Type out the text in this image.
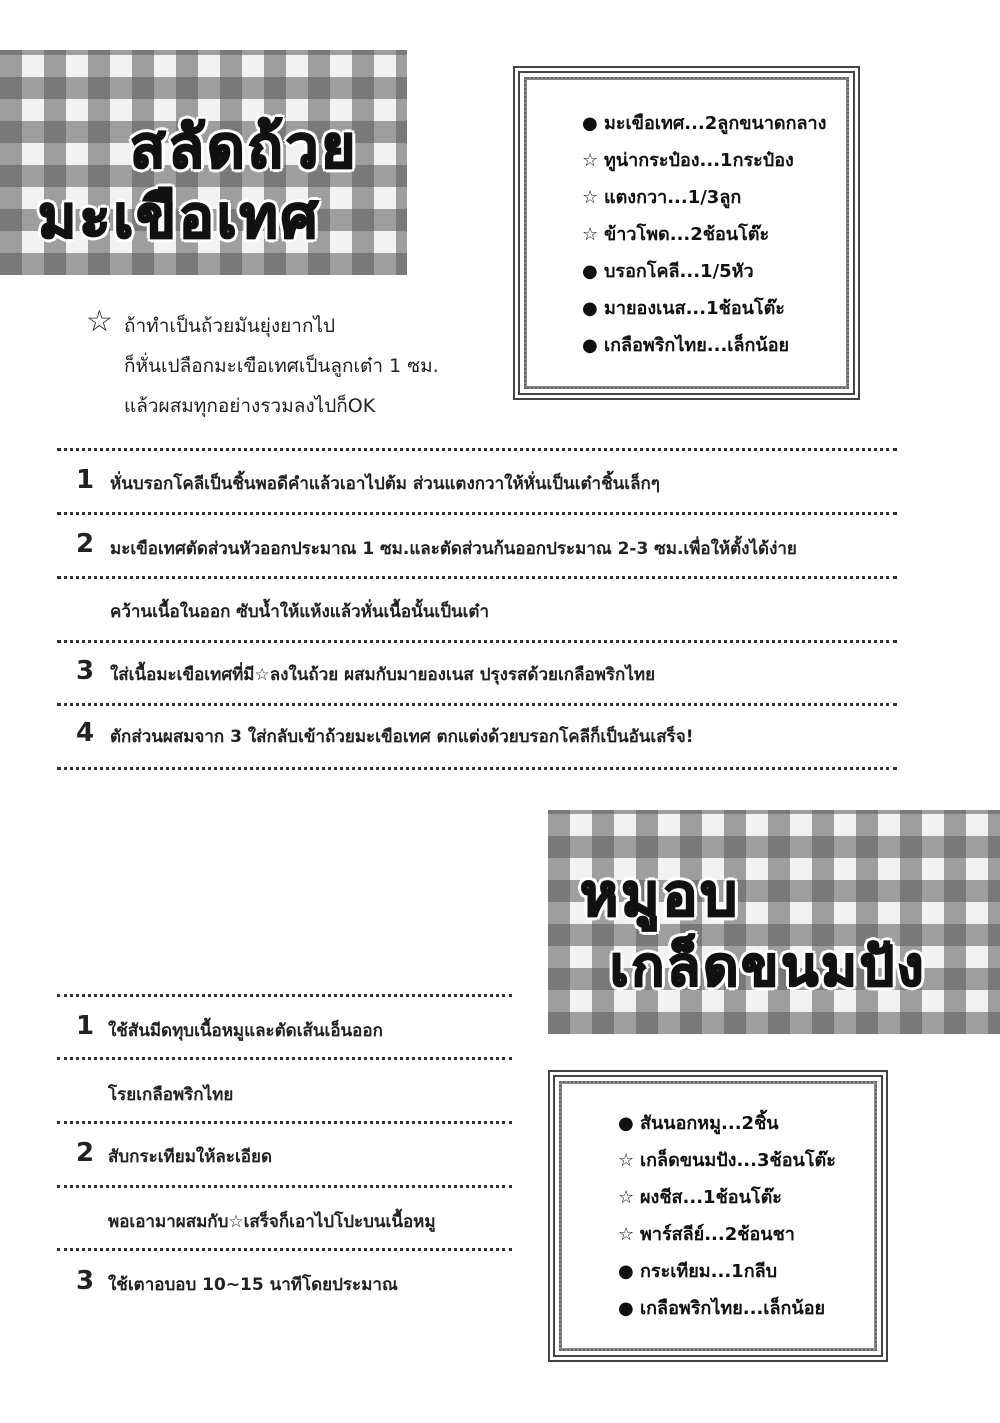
สลัดถ้วย
มะเขือเทศ
● มะเขือเทศ...2ลูกขนาดกลาง
☆ ทูน่ากระป๋อง...1กระป๋อง
☆ แตงกวา...1/3ลูก
☆ ข้าวโพด...2ช้อนโต๊ะ
● บรอกโคลี...1/5หัว
● มายองเนส...1ช้อนโต๊ะ
● เกลือพริกไทย...เล็กน้อย
☆ ถ้าทำเป็นถ้วยมันยุ่งยากไป
ก็หั่นเปลือกมะเขือเทศเป็นลูกเต๋า 1 ซม.
แล้วผสมทุกอย่างรวมลงไปก็OK
1 หั่นบรอกโคลีเป็นชิ้นพอดีคำแล้วเอาไปต้ม ส่วนแตงกวาให้หั่นเป็นเต๋าชิ้นเล็กๆ
2 มะเขือเทศตัดส่วนหัวออกประมาณ 1 ซม.และตัดส่วนก้นออกประมาณ 2-3 ซม.เพื่อให้ตั้งได้ง่าย
คว้านเนื้อในออก ซับน้ำให้แห้งแล้วหั่นเนื้อนั้นเป็นเต๋า
3 ใส่เนื้อมะเขือเทศที่มี☆ลงในถ้วย ผสมกับมายองเนส ปรุงรสด้วยเกลือพริกไทย
4 ตักส่วนผสมจาก 3 ใส่กลับเข้าถ้วยมะเขือเทศ ตกแต่งด้วยบรอกโคลีก็เป็นอันเสร็จ!
หมูอบ
เกล็ดขนมปัง
1 ใช้สันมีดทุบเนื้อหมูและตัดเส้นเอ็นออก
โรยเกลือพริกไทย
2 สับกระเทียมให้ละเอียด
พอเอามาผสมกับ☆เสร็จก็เอาไปโปะบนเนื้อหมู
3 ใช้เตาอบอบ 10~15 นาทีโดยประมาณ
● สันนอกหมู...2ชิ้น
☆ เกล็ดขนมปัง...3ช้อนโต๊ะ
☆ ผงชีส...1ช้อนโต๊ะ
☆ พาร์สลีย์...2ช้อนชา
● กระเทียม...1กลีบ
● เกลือพริกไทย...เล็กน้อย
